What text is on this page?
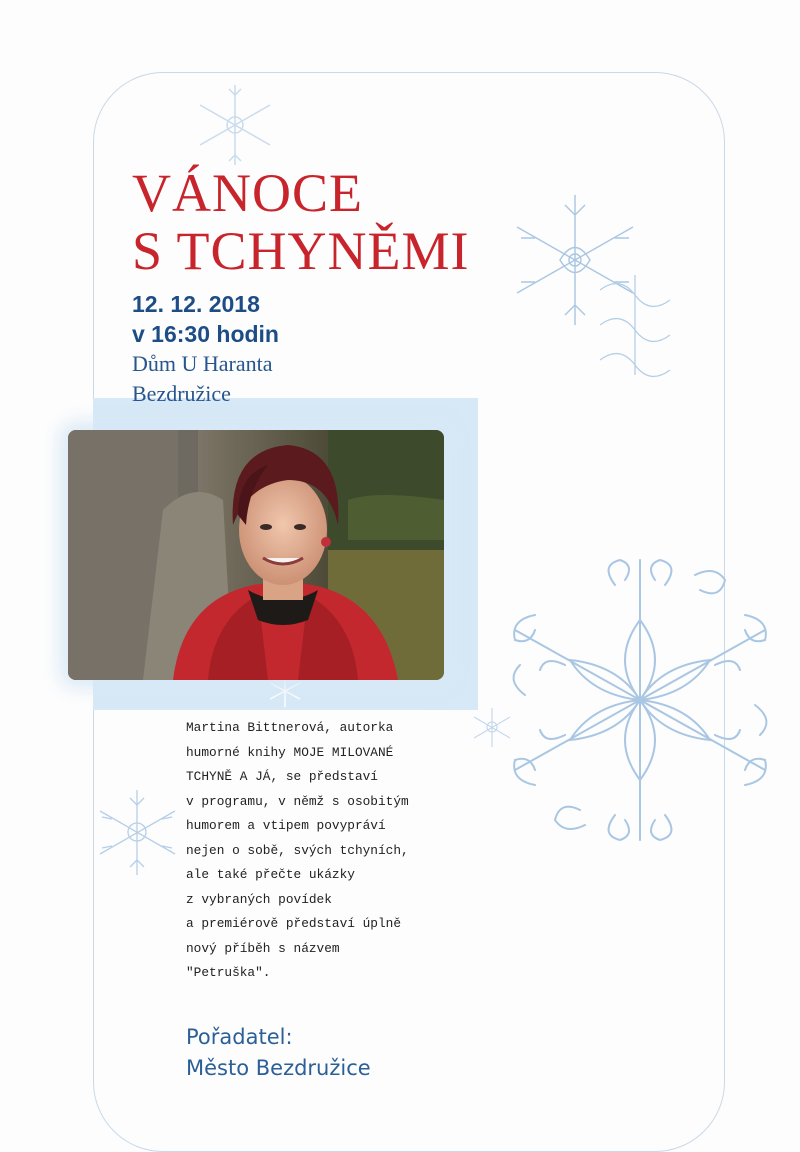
VÁNOCE
S TCHYNĚMI
12. 12. 2018
v 16:30 hodin
Dům U Haranta
Bezdružice
Martina Bittnerová, autorka
humorné knihy MOJE MILOVANÉ
TCHYNĚ A JÁ, se představí
v programu, v němž s osobitým
humorem a vtipem povypráví
nejen o sobě, svých tchyních,
ale také přečte ukázky
z vybraných povídek
a premiérově představí úplně
nový příběh s názvem
"Petruška".
Pořadatel:
Město Bezdružice
